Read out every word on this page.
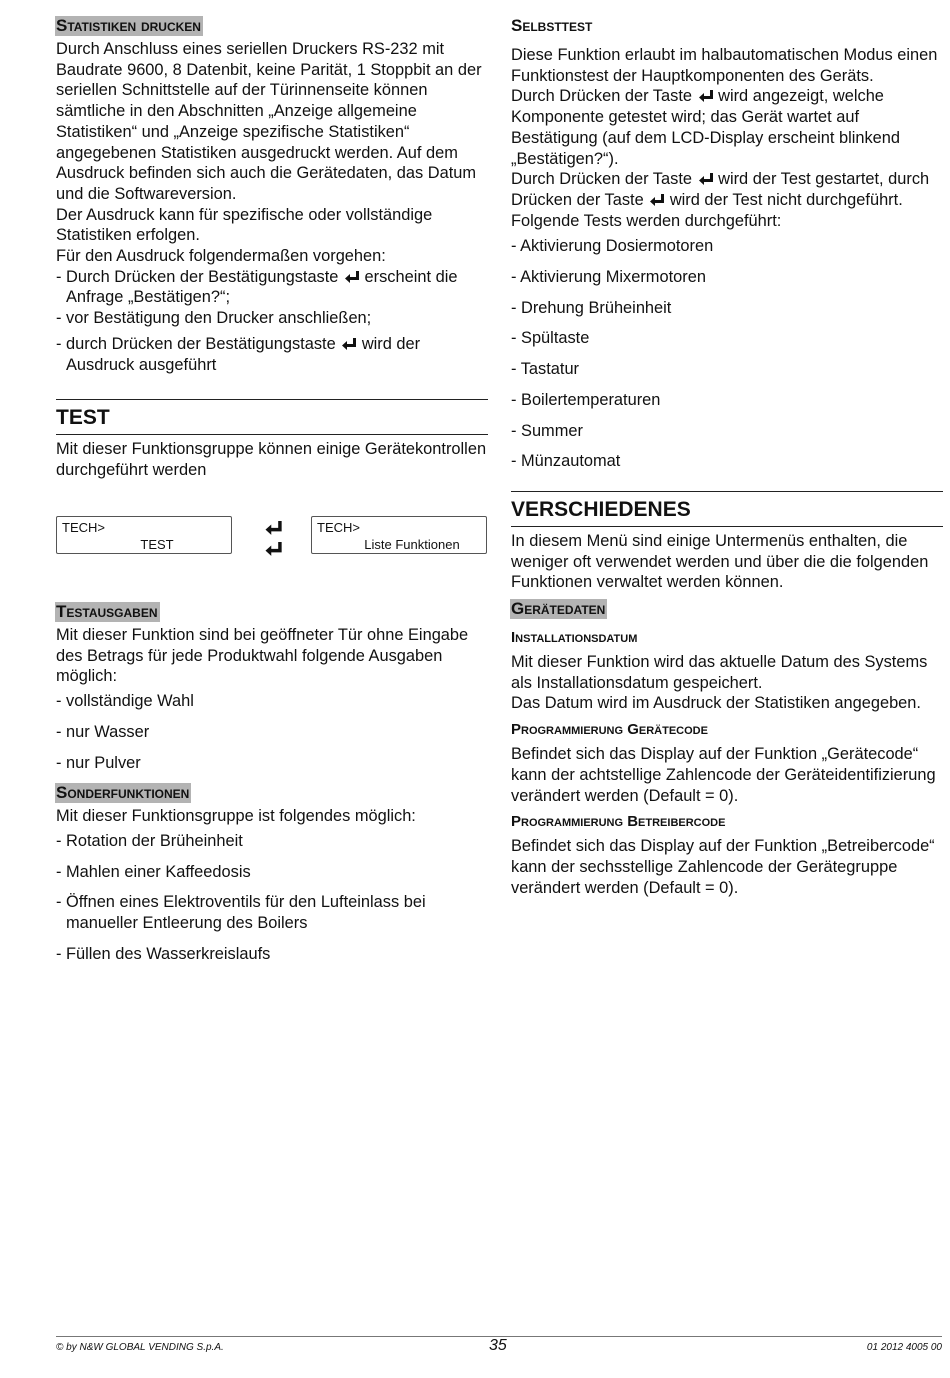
Statistiken drucken

Durch Anschluss eines seriellen Druckers RS-232 mit Baudrate 9600, 8 Datenbit, keine Parität, 1 Stoppbit an der seriellen Schnittstelle auf der Türinnenseite können sämtliche in den Abschnitten „Anzeige allgemeine Statistiken“ und „Anzeige spezifische Statistiken“ angegebenen Statistiken ausgedruckt werden. Auf dem Ausdruck befinden sich auch die Gerätedaten, das Datum und die Softwareversion.

Der Ausdruck kann für spezifische oder vollständige Statistiken erfolgen.

Für den Ausdruck folgendermaßen vorgehen:

- Durch Drücken der Bestätigungstaste  erscheint die Anfrage „Bestätigen?“;

- vor Bestätigung den Drucker anschließen;

- durch Drücken der Bestätigungstaste  wird der Ausdruck ausgeführt

TEST

Mit dieser Funktionsgruppe können einige Gerätekontrollen durchgeführt werden

TECH>
TEST
TECH>
Liste Funktionen
Testausgaben

Mit dieser Funktion sind bei geöffneter Tür ohne Eingabe des Betrags für jede Produktwahl folgende Ausgaben möglich:

- vollständige Wahl

- nur Wasser

- nur Pulver

Sonderfunktionen

Mit dieser Funktionsgruppe ist folgendes möglich:

- Rotation der Brüheinheit

- Mahlen einer Kaffeedosis

- Öffnen eines Elektroventils für den Lufteinlass bei manueller Entleerung des Boilers

- Füllen des Wasserkreislaufs

Selbsttest

Diese Funktion erlaubt im halbautomatischen Modus einen Funktionstest der Hauptkomponenten des Geräts.

Durch Drücken der Taste  wird angezeigt, welche Komponente getestet wird; das Gerät wartet auf Bestätigung (auf dem LCD-Display erscheint blinkend „Bestätigen?“).

Durch Drücken der Taste  wird der Test gestartet, durch Drücken der Taste  wird der Test nicht durchgeführt.

Folgende Tests werden durchgeführt:

- Aktivierung Dosiermotoren

- Aktivierung Mixermotoren

- Drehung Brüheinheit

- Spültaste

- Tastatur

- Boilertemperaturen

- Summer

- Münzautomat

VERSCHIEDENES

In diesem Menü sind einige Untermenüs enthalten, die weniger oft verwendet werden und über die die folgenden Funktionen verwaltet werden können.

Gerätedaten
Installationsdatum

Mit dieser Funktion wird das aktuelle Datum des Systems als Installationsdatum gespeichert.

Das Datum wird im Ausdruck der Statistiken angegeben.

Programmierung Gerätecode

Befindet sich das Display auf der Funktion „Gerätecode“ kann der achtstellige Zahlencode der Geräteidentifizierung verändert werden (Default = 0).

Programmierung Betreibercode

Befindet sich das Display auf der Funktion „Betreibercode“ kann der sechsstellige Zahlencode der Gerätegruppe verändert werden (Default = 0).

© by N&W GLOBAL VENDING S.p.A.	35	01 2012 4005 00
